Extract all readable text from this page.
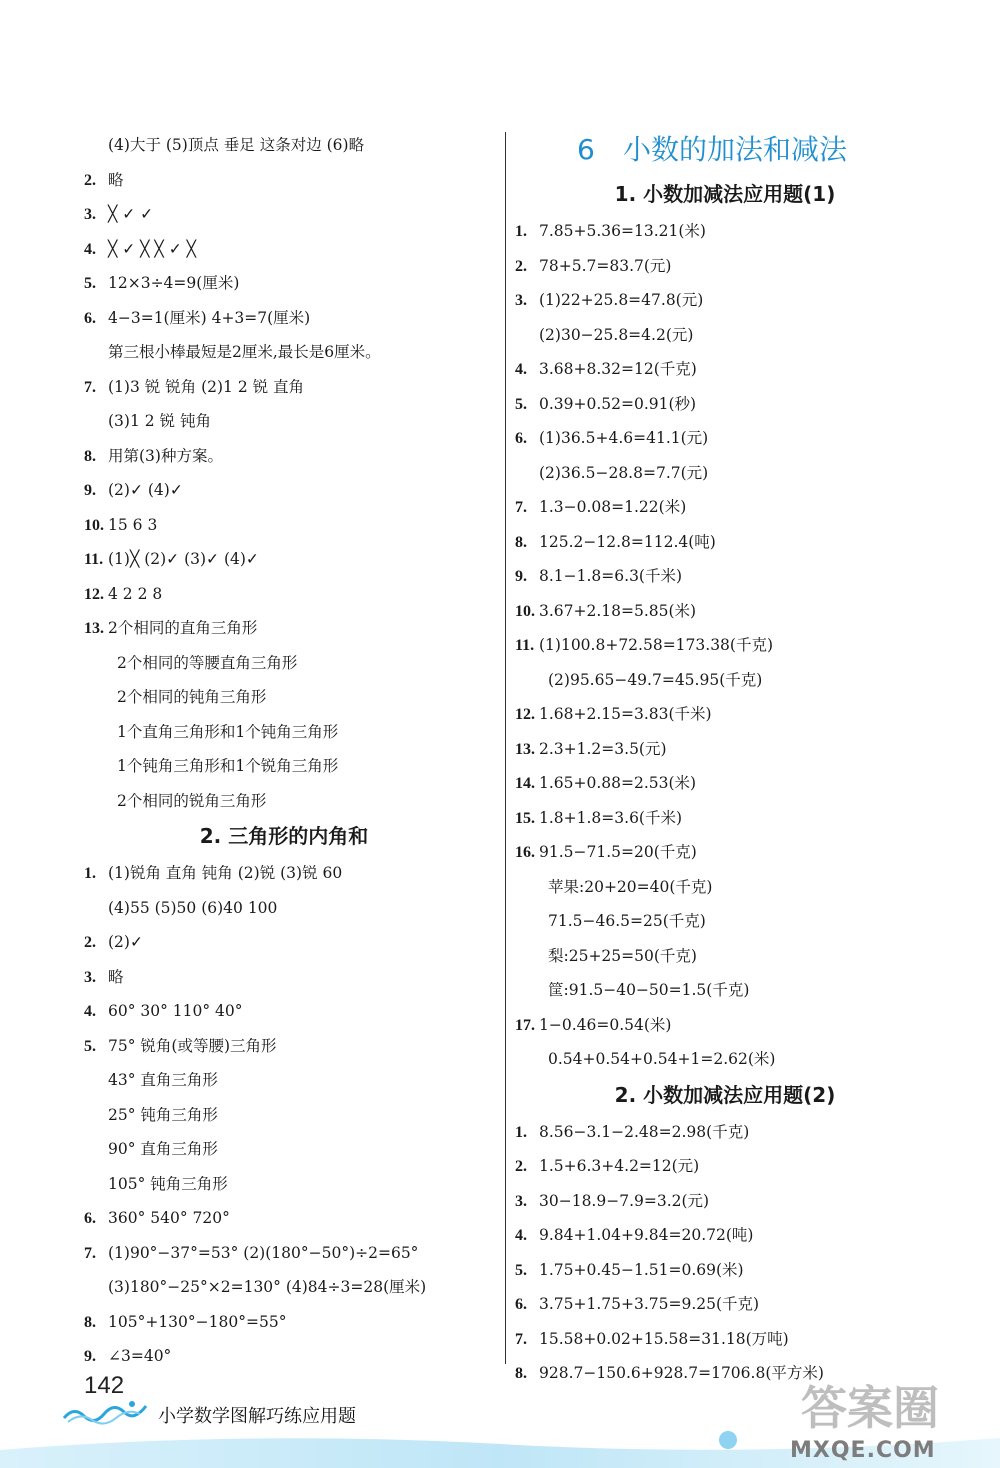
(4)大于 (5)顶点 垂足 这条对边 (6)略
2. 略
3. ╳ ✓ ✓
4. ╳ ✓ ╳ ╳ ✓ ╳
5. 12×3÷4=9(厘米)
6. 4−3=1(厘米) 4+3=7(厘米)
第三根小棒最短是2厘米,最长是6厘米。
7. (1)3 锐 锐角 (2)1 2 锐 直角
(3)1 2 锐 钝角
8. 用第(3)种方案。
9. (2)✓ (4)✓
10. 15 6 3
11. (1)╳ (2)✓ (3)✓ (4)✓
12. 4 2 2 8
13. 2个相同的直角三角形
2个相同的等腰直角三角形
2个相同的钝角三角形
1个直角三角形和1个钝角三角形
1个钝角三角形和1个锐角三角形
2个相同的锐角三角形
2. 三角形的内角和
1. (1)锐角 直角 钝角 (2)锐 (3)锐 60
(4)55 (5)50 (6)40 100
2. (2)✓
3. 略
4. 60° 30° 110° 40°
5. 75° 锐角(或等腰)三角形
43° 直角三角形
25° 钝角三角形
90° 直角三角形
105° 钝角三角形
6. 360° 540° 720°
7. (1)90°−37°=53° (2)(180°−50°)÷2=65°
(3)180°−25°×2=130° (4)84÷3=28(厘米)
8. 105°+130°−180°=55°
9. ∠3=40°
6 小数的加法和减法
1. 小数加减法应用题(1)
1. 7.85+5.36=13.21(米)
2. 78+5.7=83.7(元)
3. (1)22+25.8=47.8(元)
(2)30−25.8=4.2(元)
4. 3.68+8.32=12(千克)
5. 0.39+0.52=0.91(秒)
6. (1)36.5+4.6=41.1(元)
(2)36.5−28.8=7.7(元)
7. 1.3−0.08=1.22(米)
8. 125.2−12.8=112.4(吨)
9. 8.1−1.8=6.3(千米)
10. 3.67+2.18=5.85(米)
11. (1)100.8+72.58=173.38(千克)
(2)95.65−49.7=45.95(千克)
12. 1.68+2.15=3.83(千米)
13. 2.3+1.2=3.5(元)
14. 1.65+0.88=2.53(米)
15. 1.8+1.8=3.6(千米)
16. 91.5−71.5=20(千克)
苹果:20+20=40(千克)
71.5−46.5=25(千克)
梨:25+25=50(千克)
筐:91.5−40−50=1.5(千克)
17. 1−0.46=0.54(米)
0.54+0.54+0.54+1=2.62(米)
2. 小数加减法应用题(2)
1. 8.56−3.1−2.48=2.98(千克)
2. 1.5+6.3+4.2=12(元)
3. 30−18.9−7.9=3.2(元)
4. 9.84+1.04+9.84=20.72(吨)
5. 1.75+0.45−1.51=0.69(米)
6. 3.75+1.75+3.75=9.25(千克)
7. 15.58+0.02+15.58=31.18(万吨)
8. 928.7−150.6+928.7=1706.8(平方米)
142
小学数学图解巧练应用题	答案圈
MXQE.COM
